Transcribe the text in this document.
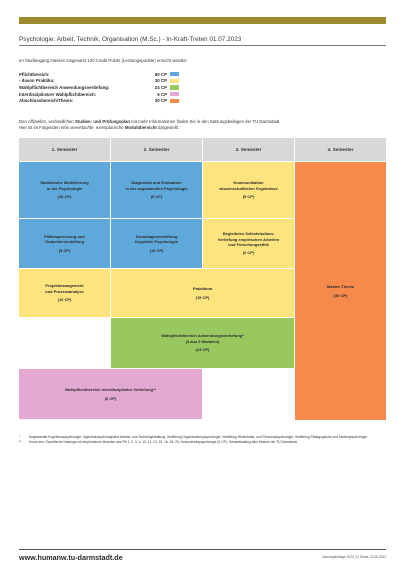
Psychologie: Arbeit, Technik, Organisation (M.Sc.) - In-Kraft-Treten 01.07.2023
Im Studiengang müssen insgesamt 120 Credit Points (Leistungspunkte) erreicht werden:
Pflichtbereich:	60 CP
- davon Praktika:	30 CP
Wahlpflichtbereich Anwendungsvertiefung:	24 CP
Interdisziplinärer Wahlpflichtbereich:	6 CP
Abschlussbereich/Thesis:	30 CP
Den offiziellen, verbindlichen Studien- und Prüfungsplan mit mehr Informationen finden Sie in den Satzungsbeilagen der TU Darmstadt.
Hier ist im Folgenden eine vereinfachte, exemplarische Modulübersicht dargestellt:
1. Semester	2. Semester	3. Semester	4. Semester
Statistische Modellierung
in der Psychologie
(10 CP)
Diagnostik und Evaluation
in der angewandten Psychologie
(5 CP)
Kommunikation
wissenschaftlicher Ergebnisse
(5 CP)
Fallbesprechung und
Gutachtenerstellung
(5 CP)
Grundlagenvertiefung
Kognitive Psychologie
(10 CP)
Begleitetes Selbststudium:
Vertiefung empirischen Arbeiten
und Forschungsethik
(2 CP)
Master-Thesis
(30 CP)
Projektmanagement
und Prozessanalyse
(10 CP)
Praktikum
(15 CP)
Wahlpflichtbereich Anwendungsvertiefung*
(3 aus 5 Modulen)
(24 CP)
Wahlpflichtbereich interdisziplinäre Vertiefung**
(6 CP)
*	Angewandte Kognitionspsychologie; Ingenieurpsychologische Arbeits- und Technikgestaltung; Vertiefung Organisationspsychologie; Vertiefung Wirtschafts- und Personalpsychologie; Vertiefung Pädagogische und Medienpsychologie
**	Kurse aus: Spezifische Kataloge mit empfohlenen Modulen aus FB 1, 2, 3, 4, 10, 11, 13, 15, 16, 18, 20; Gesundheitspsychologie (5 CP); Gesamtkatalog aller Module der TU Darmstadt
www.humanw.tu-darmstadt.de	Satzungsbeilage 2023_II | Stand: 22.06.2023
